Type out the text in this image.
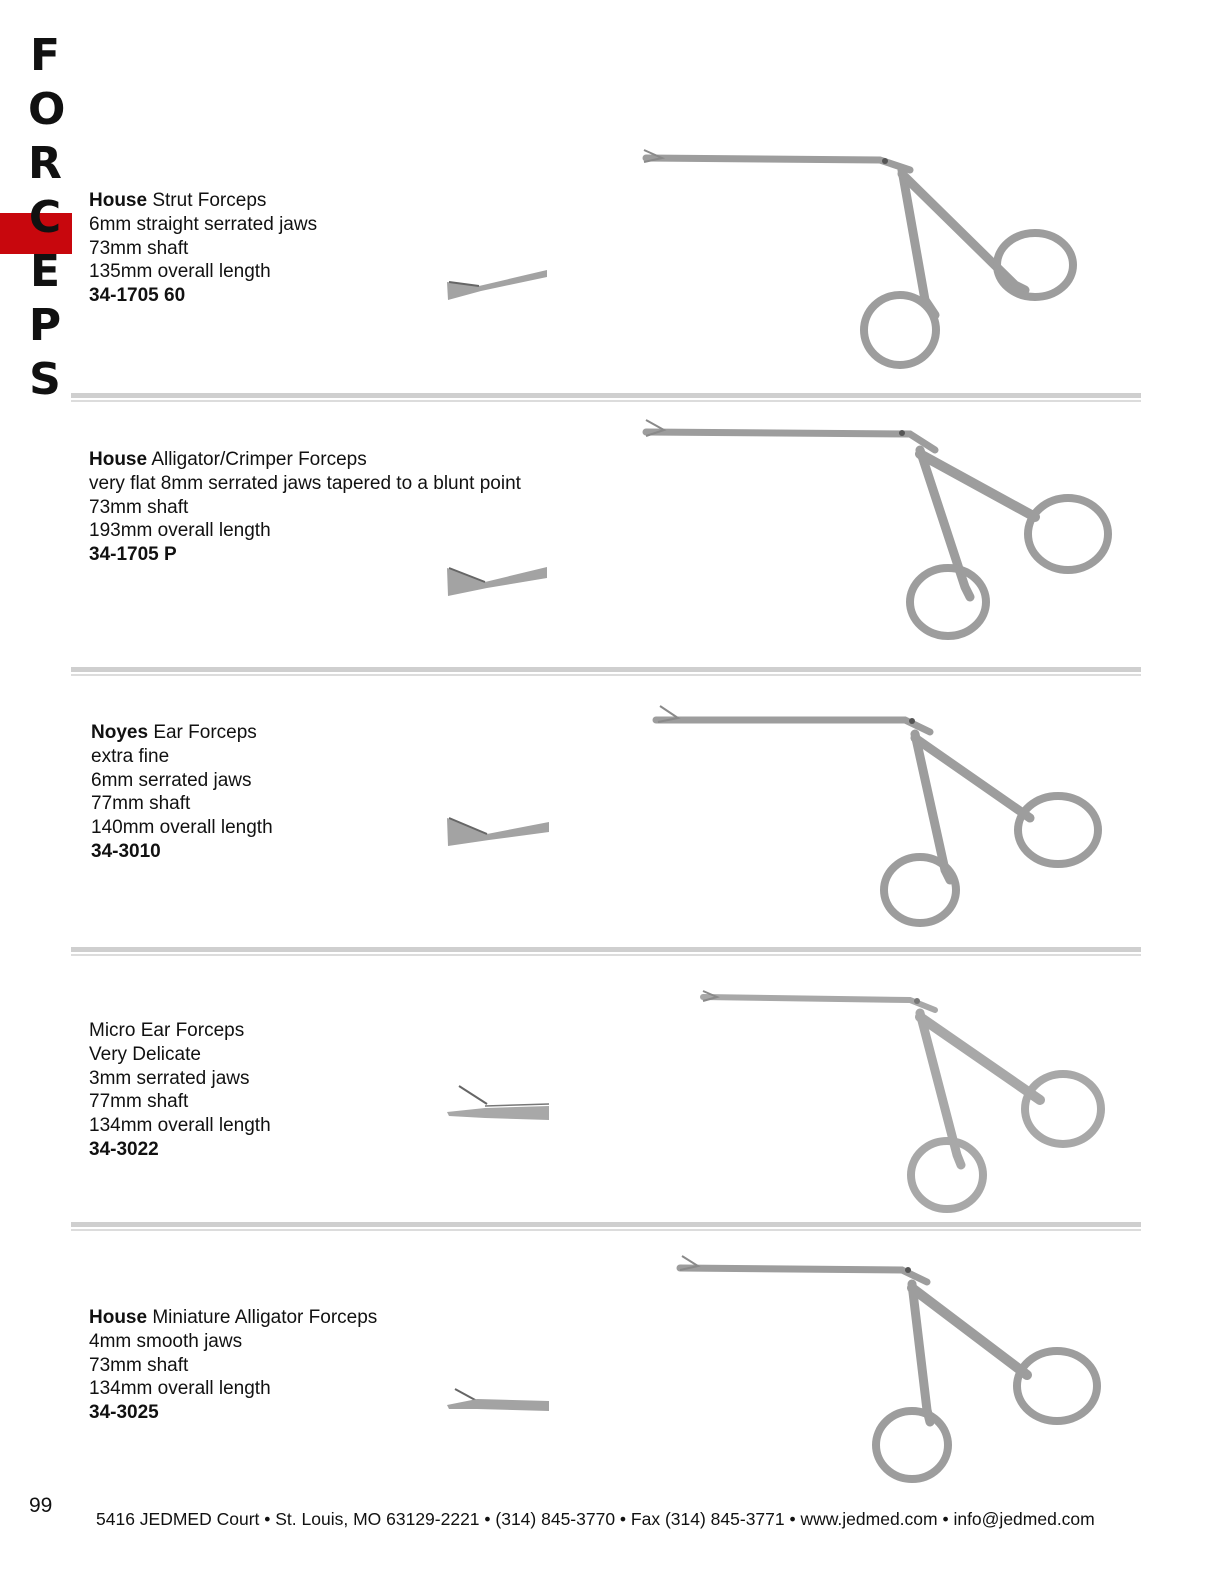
F
O
R
C
E
P
S
House Strut Forceps
6mm straight serrated jaws
73mm shaft
135mm overall length
34-1705 60
House Alligator/Crimper Forceps
very flat 8mm serrated jaws tapered to a blunt point
73mm shaft
193mm overall length
34-1705 P
Noyes Ear Forceps
extra fine
6mm serrated jaws
77mm shaft
140mm overall length
34-3010
Micro Ear Forceps
Very Delicate
3mm serrated jaws
77mm shaft
134mm overall length
34-3022
House Miniature Alligator Forceps
4mm smooth jaws
73mm shaft
134mm overall length
34-3025
99
5416 JEDMED Court • St. Louis, MO 63129-2221 • (314) 845-3770 • Fax (314) 845-3771 • www.jedmed.com • info@jedmed.com
